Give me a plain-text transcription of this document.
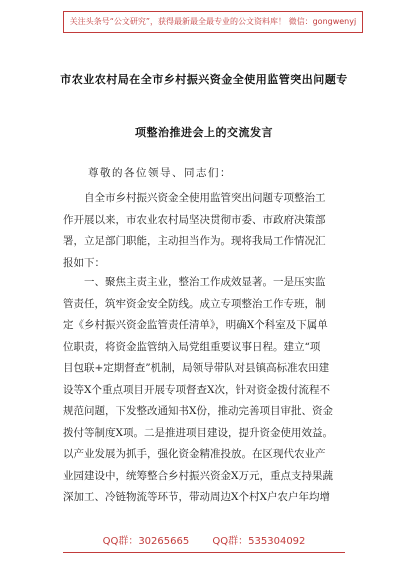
关注头条号“公文研究”，获得最新最全最专业的公文资料库！ 微信：gongwenyj
市农业农村局在全市乡村振兴资金全使用监管突出问题专
项整治推进会上的交流发言
尊敬的各位领导、同志们：
自全市乡村振兴资金全使用监管突出问题专项整治工
作开展以来，市农业农村局坚决贯彻市委、市政府决策部
署，立足部门职能，主动担当作为。现将我局工作情况汇
报如下：
一、聚焦主责主业，整治工作成效显著。一是压实监
管责任，筑牢资金安全防线。成立专项整治工作专班，制
定《乡村振兴资金监管责任清单》，明确X个科室及下属单
位职责，将资金监管纳入局党组重要议事日程。建立“项
目包联+定期督查”机制，局领导带队对县镇高标准农田建
设等X个重点项目开展专项督查X次，针对资金拨付流程不
规范问题，下发整改通知书X份，推动完善项目审批、资金
拨付等制度X项。二是推进项目建设，提升资金使用效益。
以产业发展为抓手，强化资金精准投放。在区现代农业产
业园建设中，统筹整合乡村振兴资金X万元，重点支持果蔬
深加工、冷链物流等环节，带动周边X个村X户农户年均增
QQ群：30265665 QQ群：535304092
